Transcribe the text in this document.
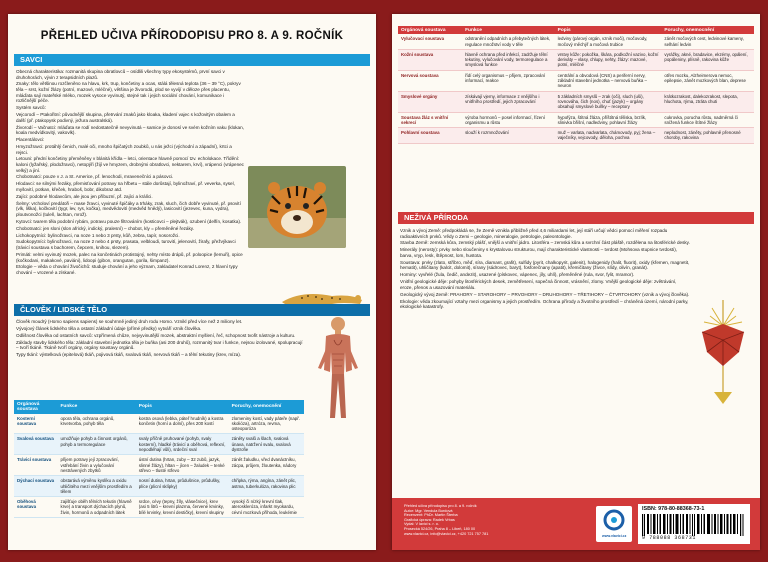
PŘEHLED UČIVA PŘÍRODOPISU PRO 8. A 9. ROČNÍK
SAVCI

Obecná charakteristika: rozmanitá skupina obratlovců – osídlili všechny typy ekosystémů, první savci v druhohorách, vývin z terapsidních plazů.

Znaky: tělo většinou rozčleněno na hlavu, krk, trup, končetiny a ocas, stálá tělesná teplota (36 – 39 °C), pokryv těla – srst, kožní žlázy (potní, mazové, mléčné), většina je živorodá, plod se vyvíjí v děloze přes placentu, mláďata sají mateřské mléko, mozek vysoce vyvinutý, stejné tak i jejich sociální chování, komunikace i rozličnější péče.

Systém savců:

Vejcorodí – Ptakořitní: původnější skupina, přetrvání znaků jako kloaka, kladení vajec s kožovitým obalem a další (př. ptakopysk podivný, ježura australská).

Živorodí – Vačnatci: mláďata se rodí nedostatečně nevyvinutá – samice je donosí ve svém kožním vaku (klokan, koala medvídkovitý, vakovlk).

Placentálovci:

Hmyzožravci: protáhlý čenich, malé oči, mnoho špičatých zoubků, u nás ježci (východní a západní), krtci a rejsci.

Letouni: přední končetiny přeměněny v blánitá křídla – letci, orientace hlavně pomocí tzv. echolokace. Třídění: kaloni (lyžařský, plodožravci), netopýři (žijí ve hmyzem, drobnými obratlovci, nektarem, krví), vrápenci (vrápenec velký) a jiní.

Chobotnatci: pouze v J. a St. Americe, př. lenochodi, mravenečníci a pásovci.

Hlodavci: se silnými řezáky, přemisťování potravy na hřbetu – stále dorůstají, bylinožraví, př. veverka, sysel, myšovití, potkan, křeček, hraboš, bobr, dikobraz atd.

Zajíci: podobné hlodavcům, ale jsou jen příbuzní, př. zajíci a králíci.

Šelmy: vrcholoví predátoři – mase žravci, vyvinuté špičáky a trháky, zrak, sluch, čich dobře vyvinuté, př. psovití (vlk, liška), kočkovití (tygr, lev, rys, kočka), medvědovití (medvěd hnědý), lasicovití (jezevec, kuna, vydra), ploutvonožci (tuleň, lachtan, mrož).

Kytovci: tvarem těla podobní rybám, potravu pouze filtrováním (kosticovci – plejtvák), ozubení (delfín, kosatka).

Chobotnatci: jen sloni (slon africký, indický, pralesní) – chobot, kly = přeměněné řezáky.

Lichokopytníci: bylinožravci, na noze 1 nebo 3 prsty, kůň, zebra, tapír, nosorožci.

Sudokopytníci: bylinožravci, na noze 2 nebo 4 prsty, prasata, velbloudi, turovití, jelenovití, žirafy, přežvýkavci (trávicí soustava s bachorem, čepcem, knihou, slezem).

Primáti: velmi vyvinutý mozek, palec na končetinách protistojný, nehty místo drápů, př. poloopice (lemuři), opice (kočkodani, makakové, paviáni), lidoopi (gibon, orangutan, gorila, šimpanz).

Etologie – věda o chování živočichů: studuje chování a jeho význam, zakladatel Konrad Lorenz, 2 hlavní typy chování – vrozené a získané.

ČLOVĚK / LIDSKÉ TĚLO

Člověk moudrý (Homo sapiens sapiens) se souhrnně jediný druh rodu Homo. Vznikl před více než 2 miliony let.

Vývojový článek lidského těla a ostatní základní údaje (přímé předky) vytváří vznik člověka.

Odlišnost člověka od ostatních savců: vzpřímená chůze, nejvyvinutější mozek, abstraktní myšlení, řeč, schopnost tvořit nástroje a kulturu.

Základy stavby lidského těla: základní stavební jednotka těla je buňka (asi 200 druhů), rozmanitý tvar i funkce, nejsou izolované, spolupracují – tvoří tkáně. Tkáně tvoří orgány, orgány soustavy orgánů.

Typy tkání: výstelková (epitelová) tkáň, pojivová tkáň, svalová tkáň, nervová tkáň – a tělní tekutiny (krev, míza).

Orgánová soustava	Funkce	Popis	Poruchy, onemocnění
Kosterní soustava	opora těla, ochrana orgánů, krvetvorba, pohyb těla	kostra osová (lebka, páteř hrudník) a kostra končetin (horní a dolní), přes 200 kostí	zlomeniny kostí, vady páteře (např. skolióza), artróza, revma, osteoporóza
Svalová soustava	umožňuje pohyb a činnost orgánů, pohyb a termoregulace	svaly příčně pruhované (pohyb, svaly kosterní), hladké (trávicí a oběhová, reflexní, nepodléhají vůli), srdeční sval	záněty svalů a šlach, svalová únava, natržení svalu, svalová dystrofie
Trávicí soustava	přijem potravy její zpracování, vstřebání živin a vylučování nestrávených zbytků	ústní dutina (hrtan, zuby – 32 zubů, jazyk, slinné žlázy), hltan – jícen – žaludek – tenké střevo – tlusté střevo	zánět žaludku, vřed dvanáctníku, zácpa, průjem, žloutenka, nádory
Dýchací soustava	obstarává výměnu kyslíku a oxidu uhličitého mezi vnějším prostředím a tělem	nosní dutina, hrtan, průdušnice, průdušky, plíce (plicní sklípky)	chřipka, rýma, angína, zánět plic, astma, tuberkulóza, rakovina plic
Oběhová soustava	zajišťuje oběh tělních tekutin (hlavně krve) a transport dýchacích plynů, živin, hormonů a odpadních látek	srdce, cévy (tepny, žíly, vlásečnice), krev (asi 5 litrů – krevní plazma, červené krvinky, bílé krvinky, krevní destičky), krevní skupiny	vysoký či nízký krevní tlak, ateroskleróza, infarkt myokardu, cévní mozková příhoda, leukémie
Orgánová soustava	Funkce	Popis	Poruchy, onemocnění
Vylučovací soustava	odstranění odpadních a přebytečných látek, regulace množství vody v těle	ledviny (párový orgán, vznik moči), močovody, močový měchýř a močová trubice	zánět močových cest, ledvinové kameny, selhání ledvin
Kožní soustava	hlavně ochrana před infekcí, zadržuje tělní tekutiny, vylučování vody, termoregulace a smyslová funkce	vrstvy kůže: pokožka, škára, podkožní vazivo, kožní deriváty – vlasy, chlupy, nehty, žlázy: mazové, potní, mléčné	vyrážky, akné, bradavice, ekzémy, opálení, popáleniny, plísně, rakovina kůže
Nervová soustava	řídí celý organismus – přijem, zpracování informací, reakce	centrální a obvodová (CNS) a periferní nervy, základní stavební jednotka – nervová buňka – neuron	otřes mozku, Alzheimerova nemoc, epilepsie, zánět mozkových blan, deprese
Smyslové orgány	získávají vjemy, informace z vnějšího i vnitřního prostředí, jejich zpracování	5 základních smyslů – zrak (oči), sluch (uši), rovnováha, čich (nos), chuť (jazyk) – orgány obsahují smyslové buňky – receptory	krátkozrakost, dalekozrakost, slepota, hluchota, rýma, ztráta chuti
Soustava žláz s vnitřní sekrecí	výroba hormonů – posel informací, řízení organismu a růstu	hypofýza, štítná žláza, příštítná tělíska, brzlík, slinivka břišní, nadledviny, pohlavní žlázy	cukrovka, porucha růstu, nadměrná či snížená funkce štítné žlázy
Pohlavní soustava	slouží k rozmnožování	muž – varlata, nadvarlata, chámovody, pyj; žena – vaječníky, vejcovody, děloha, pochva	neplodnost, záněty, pohlavně přenosné choroby, rakovina
NEŽIVÁ PŘÍRODA

Vznik a vývoj Země: předpokládá se, že Země vznikla přibližně před 4,6 miliardami let, její stáří určují vědci pomocí měření rozpadu radioaktivních prvků. Vědy o Zemi – geologie, mineralogie, petrologie, paleontologie.

Stavba Země: zemská kůra, zemský plášť, vnější a vnitřní jádro. Litosféra – zemská kůra a svrchní část pláště, rozdělena na litosférické desky.

Minerály (nerosty): prvky nebo sloučeniny s krystalovou strukturou, mají charakteristické vlastnosti – tvrdost (Mohsova stupnice tvrdosti), barva, vryp, lesk, štěpnost, lom, hustota.

Soustava: prvky (zlato, stříbro, měď, síra, diamant, grafit), sulfidy (pyrit, chalkopyrit, galenit), halogenidy (halit, fluorit), oxidy (křemen, magnetit, hematit), uhličitany (kalcit, dolomit), sírany (sádrovec, baryt), fosforečnany (apatit), křemičitany (živce, slídy, olivín, granát).

Horniny: vyvřelé (žula, čedič, andezit), usazené (pískovec, vápenec, jíly, uhlí), přeměněné (rula, svor, fylit, mramor).

Vnitřní geologické děje: pohyby litosférických desek, zemětřesení, sopečná činnost, vrásnění, zlomy. Vnější geologické děje: zvětrávání, eroze, přenos a usazování materiálu.

Geologický vývoj Země: PRAHORY – STAROHORY – PRVOHORY – DRUHOHORY – TŘETIHORY – ČTVRTOHORY (vznik a vývoj člověka).

Ekologie: věda zkoumající vztahy mezi organismy a jejich prostředím. Ochrana přírody a životního prostředí – chráněná území, národní parky, ekologické katastrofy.

Přehled učiva přírodopisu pro 8. a 9. ročník

Autor: Mgr. Vendula Burdová

Recenzent: PhDr. Martin Šterba

Grafická úprava: Radek Vrbas

Vydal: V lavici s. r. o.

Prosecká 524/26, Praha 8 – Libeň, 180 00

www.vlavici.cz, info@vlavici.cz, +420 721 757 781

www.vlavici.cz
ISBN: 978-80-88368-73-1
9 788088 368731
